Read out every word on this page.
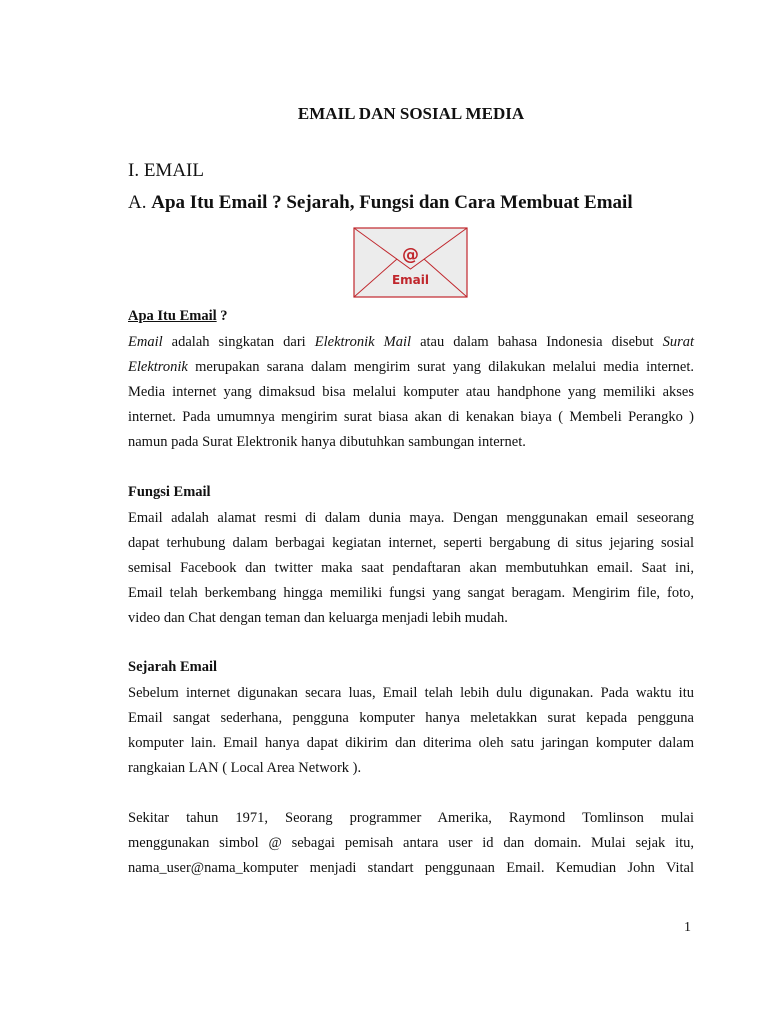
EMAIL DAN SOSIAL MEDIA
I. EMAIL
A. Apa Itu Email ? Sejarah, Fungsi dan Cara Membuat Email
@
Email
Apa Itu Email ?
Email adalah singkatan dari Elektronik Mail atau dalam bahasa Indonesia disebut Surat
Elektronik merupakan sarana dalam mengirim surat yang dilakukan melalui media internet.
Media internet yang dimaksud bisa melalui komputer atau handphone yang memiliki akses
internet. Pada umumnya mengirim surat biasa akan di kenakan biaya ( Membeli Perangko )
namun pada Surat Elektronik hanya dibutuhkan sambungan internet.
Fungsi Email
Email adalah alamat resmi di dalam dunia maya. Dengan menggunakan email seseorang
dapat terhubung dalam berbagai kegiatan internet, seperti bergabung di situs jejaring sosial
semisal Facebook dan twitter maka saat pendaftaran akan membutuhkan email. Saat ini,
Email telah berkembang hingga memiliki fungsi yang sangat beragam. Mengirim file, foto,
video dan Chat dengan teman dan keluarga menjadi lebih mudah.
Sejarah Email
Sebelum internet digunakan secara luas, Email telah lebih dulu digunakan. Pada waktu itu
Email sangat sederhana, pengguna komputer hanya meletakkan surat kepada pengguna
komputer lain. Email hanya dapat dikirim dan diterima oleh satu jaringan komputer dalam
rangkaian LAN ( Local Area Network ).
Sekitar tahun 1971, Seorang programmer Amerika, Raymond Tomlinson mulai
menggunakan simbol @ sebagai pemisah antara user id dan domain. Mulai sejak itu,
nama_user@nama_komputer menjadi standart penggunaan Email. Kemudian John Vital
1
